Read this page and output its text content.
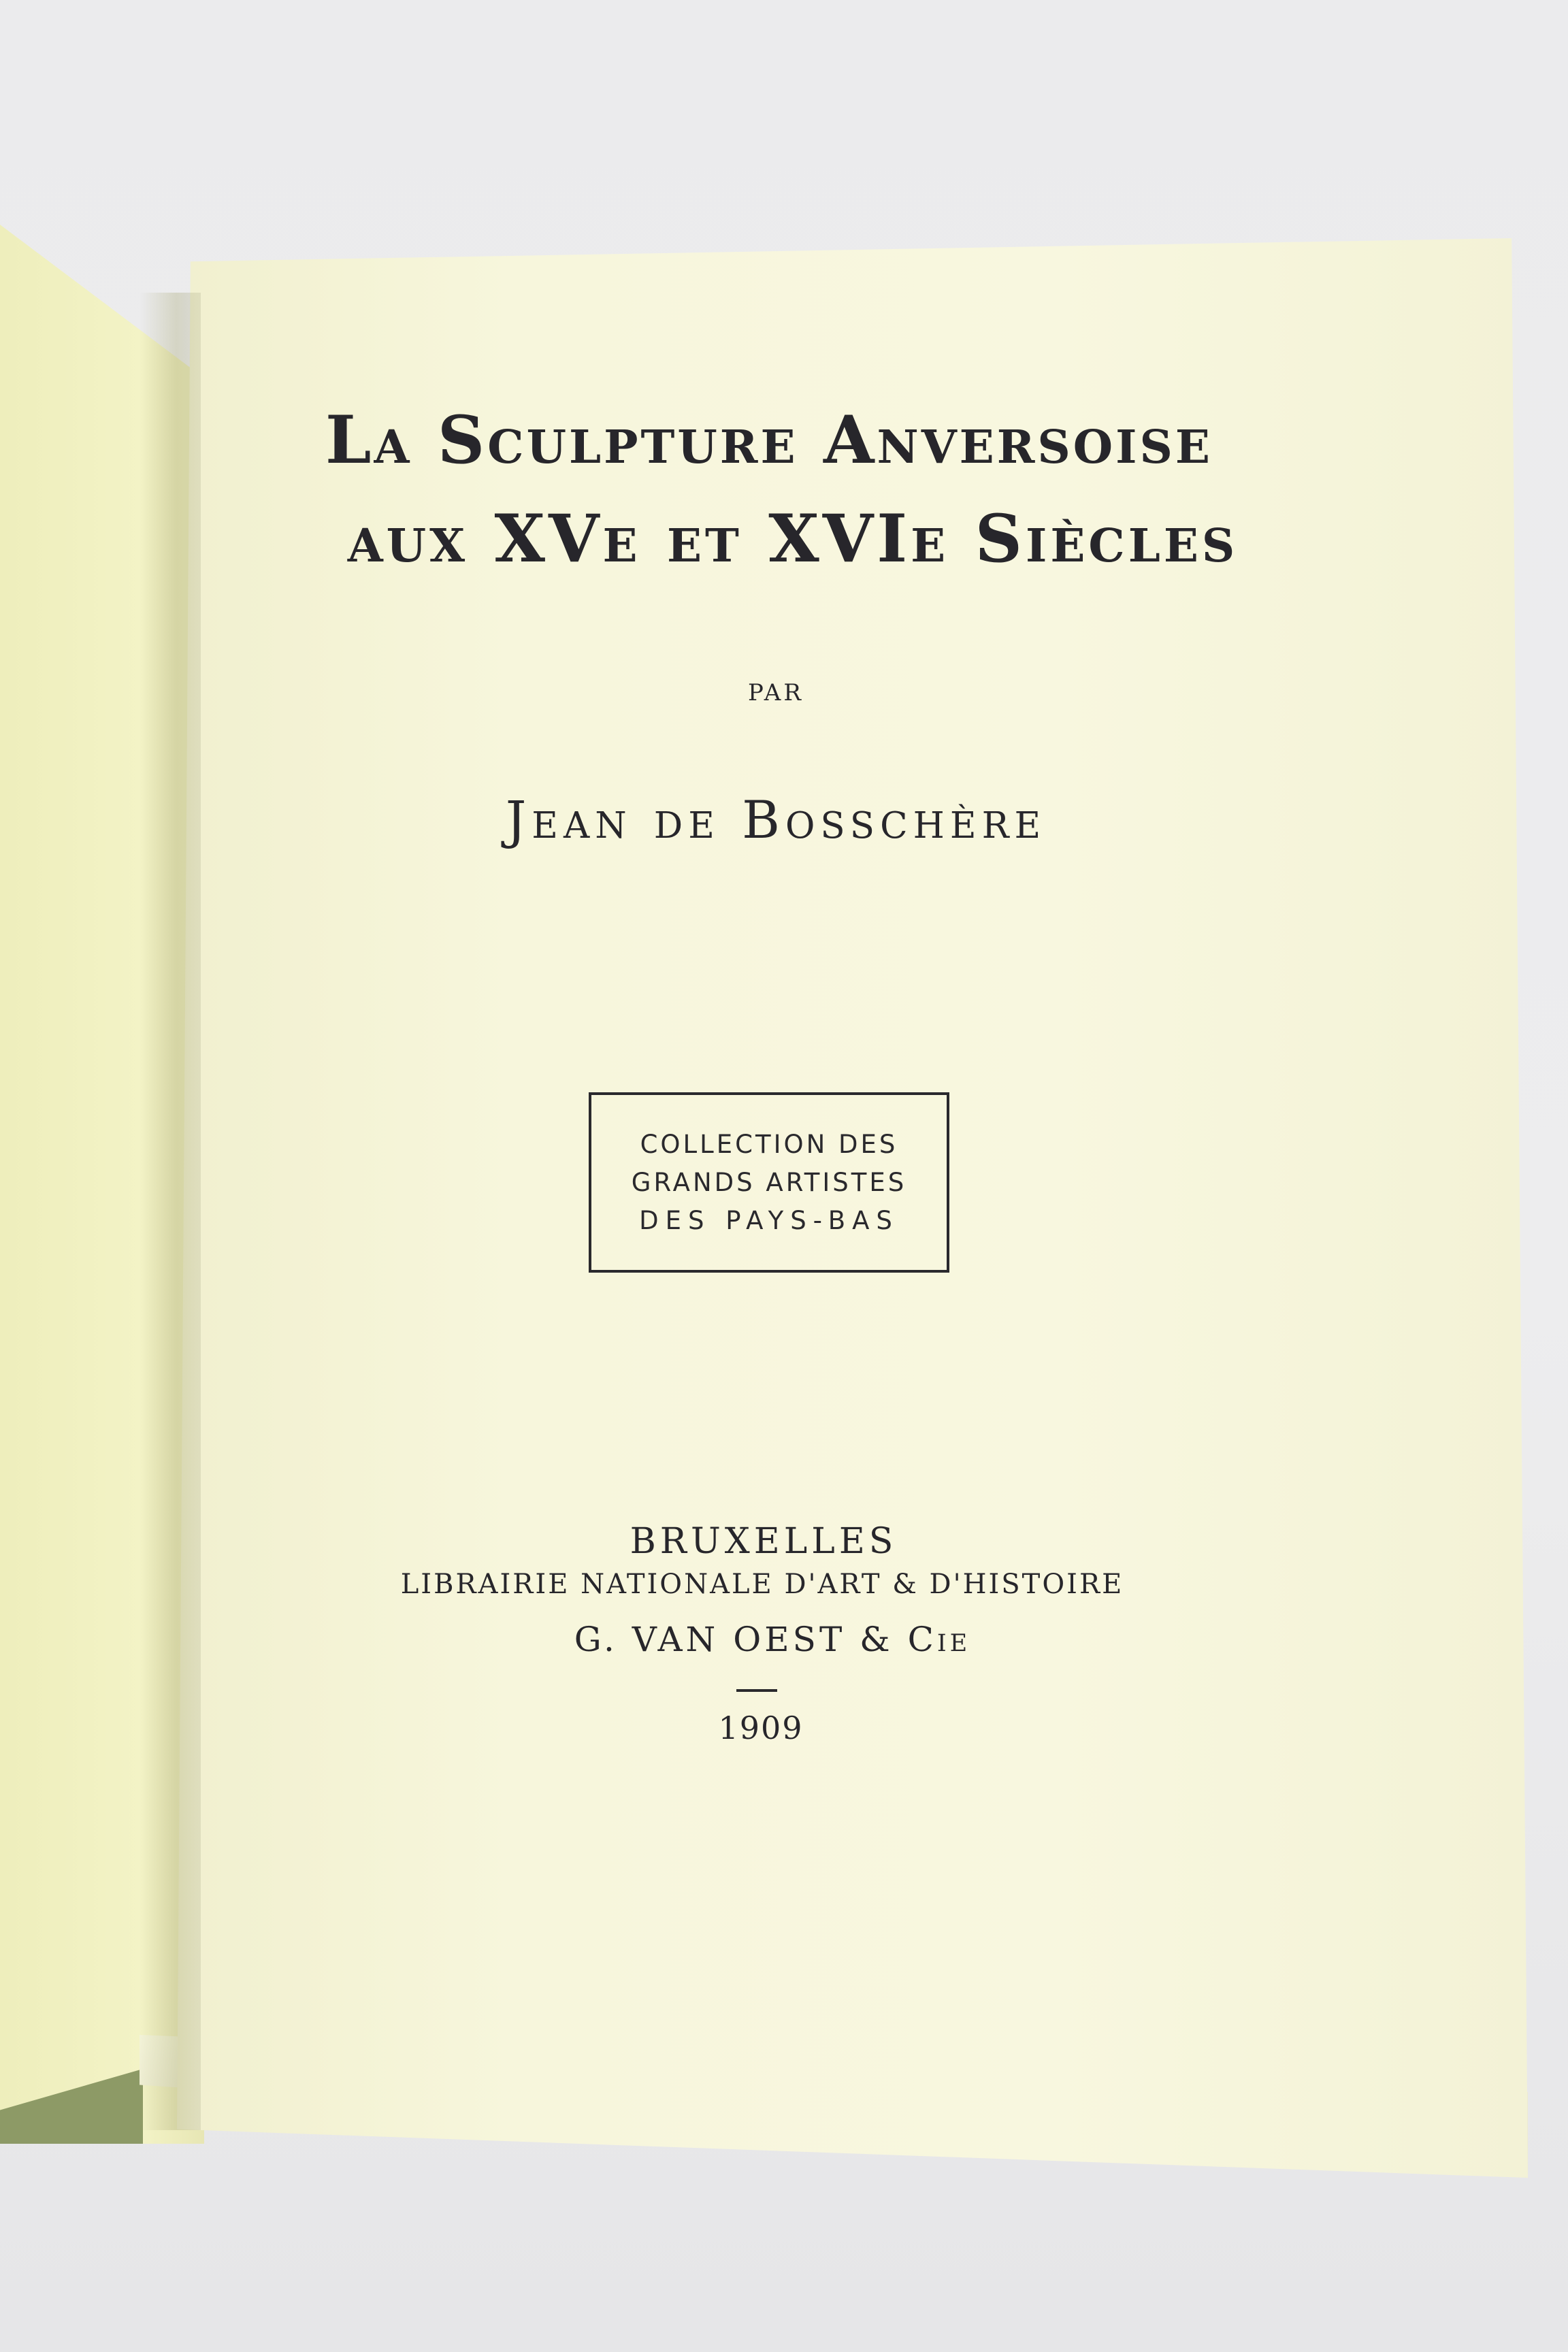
La Sculpture Anversoise
aux XVe et XVIe Siècles

par

Jean de Bosschère

COLLECTION DES
GRANDS ARTISTES
DES PAYS-BAS

BRUXELLES

LIBRAIRIE NATIONALE D'ART & D'HISTOIRE

G. VAN OEST & Cie

1909
